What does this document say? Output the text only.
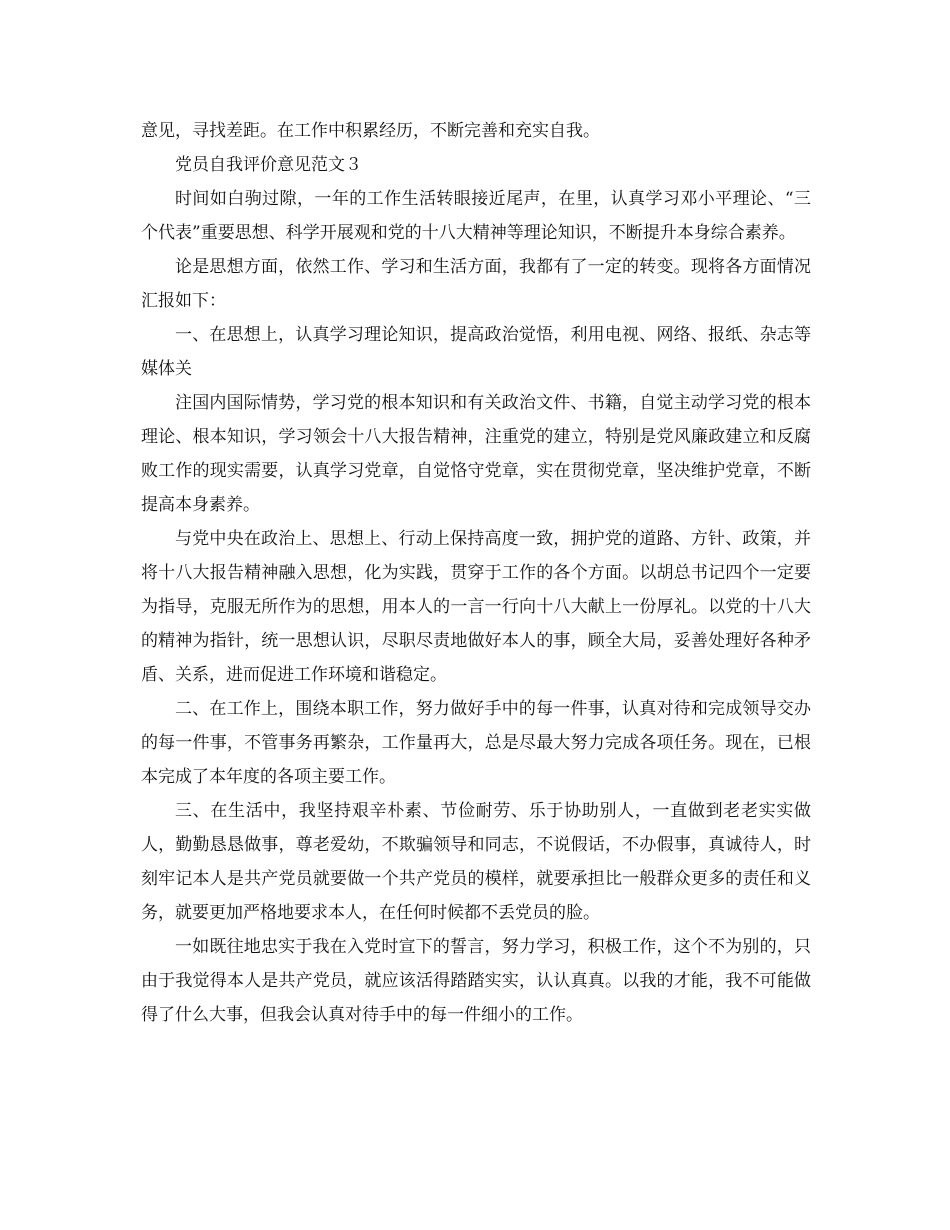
意见，寻找差距。在工作中积累经历，不断完善和充实自我。

党员自我评价意见范文３

时间如白驹过隙，一年的工作生活转眼接近尾声，在里，认真学习邓小平理论、“三个代表”重要思想、科学开展观和党的十八大精神等理论知识，不断提升本身综合素养。

论是思想方面，依然工作、学习和生活方面，我都有了一定的转变。现将各方面情况汇报如下：

一、在思想上，认真学习理论知识，提高政治觉悟，利用电视、网络、报纸、杂志等媒体关

注国内国际情势，学习党的根本知识和有关政治文件、书籍，自觉主动学习党的根本理论、根本知识，学习领会十八大报告精神，注重党的建立，特别是党风廉政建立和反腐败工作的现实需要，认真学习党章，自觉恪守党章，实在贯彻党章，坚决维护党章，不断提高本身素养。

与党中央在政治上、思想上、行动上保持高度一致，拥护党的道路、方针、政策，并将十八大报告精神融入思想，化为实践，贯穿于工作的各个方面。以胡总书记四个一定要为指导，克服无所作为的思想，用本人的一言一行向十八大献上一份厚礼。以党的十八大的精神为指针，统一思想认识，尽职尽责地做好本人的事，顾全大局，妥善处理好各种矛盾、关系，进而促进工作环境和谐稳定。

二、在工作上，围绕本职工作，努力做好手中的每一件事，认真对待和完成领导交办的每一件事，不管事务再繁杂，工作量再大，总是尽最大努力完成各项任务。现在，已根本完成了本年度的各项主要工作。

三、在生活中，我坚持艰辛朴素、节俭耐劳、乐于协助别人，一直做到老老实实做人，勤勤恳恳做事，尊老爱幼，不欺骗领导和同志，不说假话，不办假事，真诚待人，时刻牢记本人是共产党员就要做一个共产党员的模样，就要承担比一般群众更多的责任和义务，就要更加严格地要求本人，在任何时候都不丢党员的脸。

一如既往地忠实于我在入党时宣下的誓言，努力学习，积极工作，这个不为别的，只由于我觉得本人是共产党员，就应该活得踏踏实实，认认真真。以我的才能，我不可能做得了什么大事，但我会认真对待手中的每一件细小的工作。
